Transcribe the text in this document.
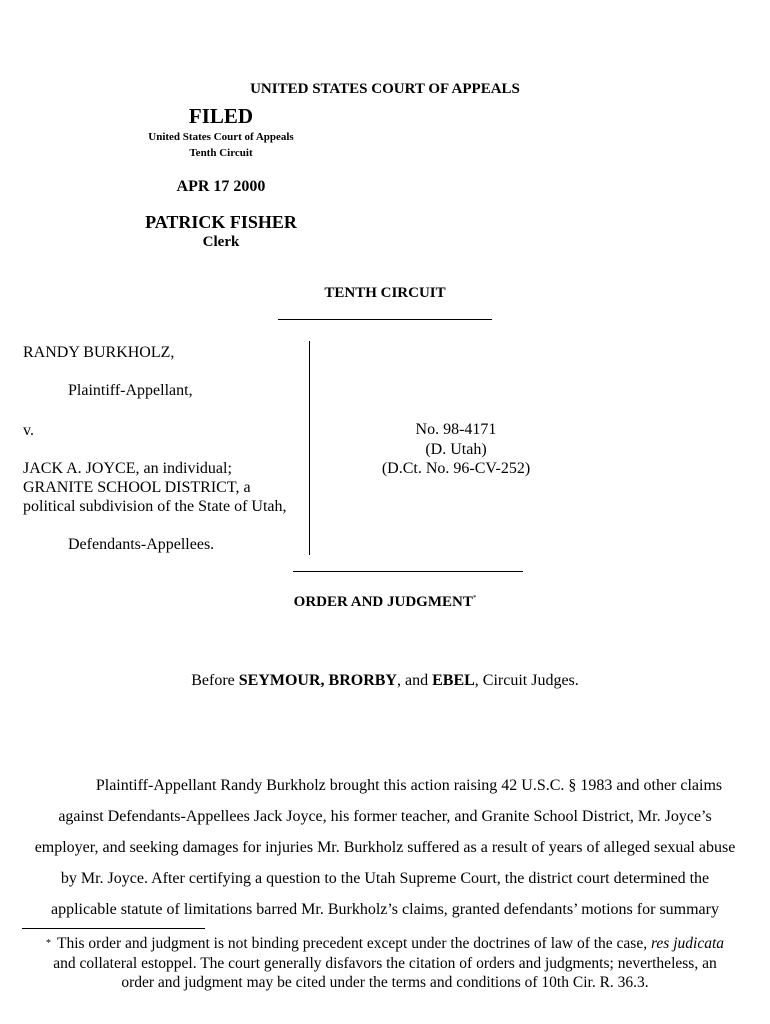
UNITED STATES COURT OF APPEALS
FILED
United States Court of Appeals
Tenth Circuit
APR 17 2000
PATRICK FISHER
Clerk
TENTH CIRCUIT
RANDY BURKHOLZ,
Plaintiff-Appellant,
v.
JACK A. JOYCE, an individual;
GRANITE SCHOOL DISTRICT, a
political subdivision of the State of Utah,
Defendants-Appellees.
No. 98-4171
(D. Utah)
(D.Ct. No. 96-CV-252)
ORDER AND JUDGMENT*
Before SEYMOUR, BRORBY, and EBEL, Circuit Judges.
Plaintiff-Appellant Randy Burkholz brought this action raising 42 U.S.C. § 1983 and other claims
against Defendants-Appellees Jack Joyce, his former teacher, and Granite School District, Mr. Joyce’s
employer, and seeking damages for injuries Mr. Burkholz suffered as a result of years of alleged sexual abuse
by Mr. Joyce. After certifying a question to the Utah Supreme Court, the district court determined the
applicable statute of limitations barred Mr. Burkholz’s claims, granted defendants’ motions for summary
* This order and judgment is not binding precedent except under the doctrines of law of the case, res judicata
and collateral estoppel. The court generally disfavors the citation of orders and judgments; nevertheless, an
order and judgment may be cited under the terms and conditions of 10th Cir. R. 36.3.
